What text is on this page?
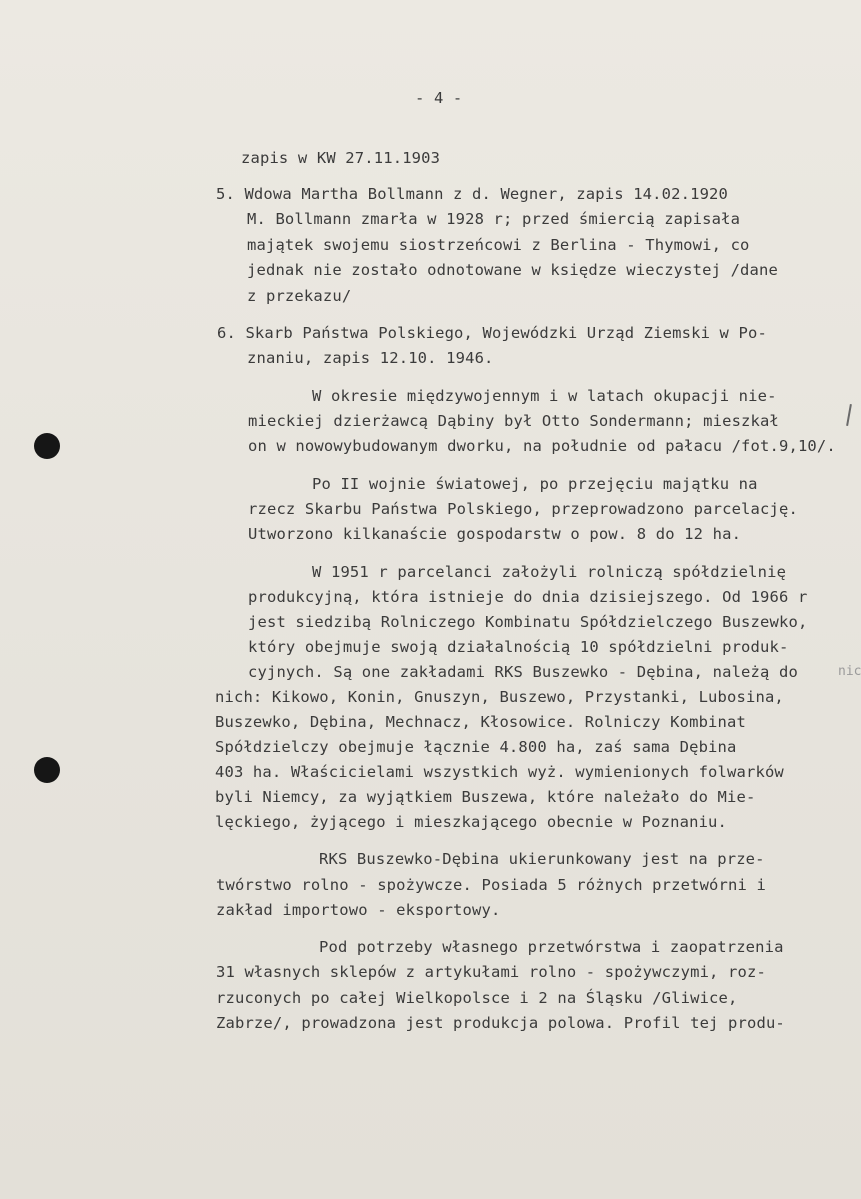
- 4 -
zapis w KW 27.11.1903
5. Wdowa Martha Bollmann z d. Wegner, zapis 14.02.1920
M. Bollmann zmarła w 1928 r; przed śmiercią zapisała
majątek swojemu siostrzeńcowi z Berlina - Thymowi, co
jednak nie zostało odnotowane w księdze wieczystej /dane
z przekazu/
6. Skarb Państwa Polskiego, Wojewódzki Urząd Ziemski w Po-
znaniu, zapis 12.10. 1946.
W okresie międzywojennym i w latach okupacji nie-
mieckiej dzierżawcą Dąbiny był Otto Sondermann; mieszkał
on w nowowybudowanym dworku, na południe od pałacu /fot.9,10/.
Po II wojnie światowej, po przejęciu majątku na
rzecz Skarbu Państwa Polskiego, przeprowadzono parcelację.
Utworzono kilkanaście gospodarstw o pow. 8 do 12 ha.
W 1951 r parcelanci założyli rolniczą spółdzielnię
produkcyjną, która istnieje do dnia dzisiejszego. Od 1966 r
jest siedzibą Rolniczego Kombinatu Spółdzielczego Buszewko,
który obejmuje swoją działalnością 10 spółdzielni produk-
cyjnych. Są one zakładami RKS Buszewko - Dębina, należą do
nich: Kikowo, Konin, Gnuszyn, Buszewo, Przystanki, Lubosina,
Buszewko, Dębina, Mechnacz, Kłosowice. Rolniczy Kombinat
Spółdzielczy obejmuje łącznie 4.800 ha, zaś sama Dębina
403 ha. Właścicielami wszystkich wyż. wymienionych folwarków
byli Niemcy, za wyjątkiem Buszewa, które należało do Mie-
lęckiego, żyjącego i mieszkającego obecnie w Poznaniu.
RKS Buszewko-Dębina ukierunkowany jest na prze-
twórstwo rolno - spożywcze. Posiada 5 różnych przetwórni i
zakład importowo - eksportowy.
Pod potrzeby własnego przetwórstwa i zaopatrzenia
31 własnych sklepów z artykułami rolno - spożywczymi, roz-
rzuconych po całej Wielkopolsce i 2 na Śląsku /Gliwice,
Zabrze/, prowadzona jest produkcja polowa. Profil tej produ-
nic
